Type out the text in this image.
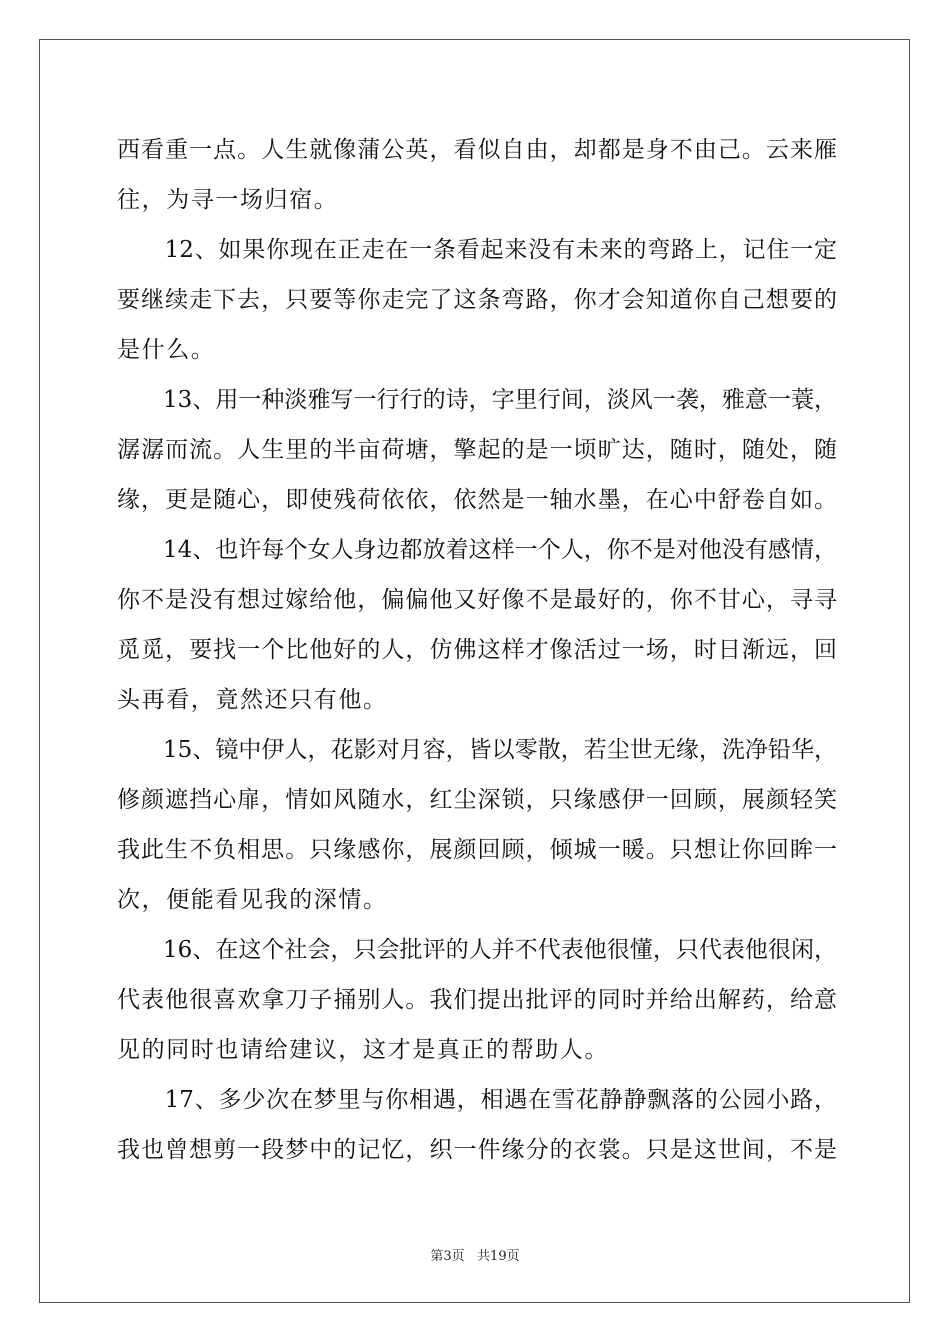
西看重一点。人生就像蒲公英，看似自由，却都是身不由己。云来雁
往，为寻一场归宿。
　　12、如果你现在正走在一条看起来没有未来的弯路上，记住一定
要继续走下去，只要等你走完了这条弯路，你才会知道你自己想要的
是什么。
　　13、用一种淡雅写一行行的诗，字里行间，淡风一袭，雅意一蓑，
潺潺而流。人生里的半亩荷塘，擎起的是一顷旷达，随时，随处，随
缘，更是随心，即使残荷依依，依然是一轴水墨，在心中舒卷自如。
　　14、也许每个女人身边都放着这样一个人，你不是对他没有感情，
你不是没有想过嫁给他，偏偏他又好像不是最好的，你不甘心，寻寻
觅觅，要找一个比他好的人，仿佛这样才像活过一场，时日渐远，回
头再看，竟然还只有他。
　　15、镜中伊人，花影对月容，皆以零散，若尘世无缘，洗净铅华，
修颜遮挡心扉，情如风随水，红尘深锁，只缘感伊一回顾，展颜轻笑
我此生不负相思。只缘感你，展颜回顾，倾城一暖。只想让你回眸一
次，便能看见我的深情。
　　16、在这个社会，只会批评的人并不代表他很懂，只代表他很闲，
代表他很喜欢拿刀子捅别人。我们提出批评的同时并给出解药，给意
见的同时也请给建议，这才是真正的帮助人。
　　17、多少次在梦里与你相遇，相遇在雪花静静飘落的公园小路，
我也曾想剪一段梦中的记忆，织一件缘分的衣裳。只是这世间，不是
第3页   共19页
